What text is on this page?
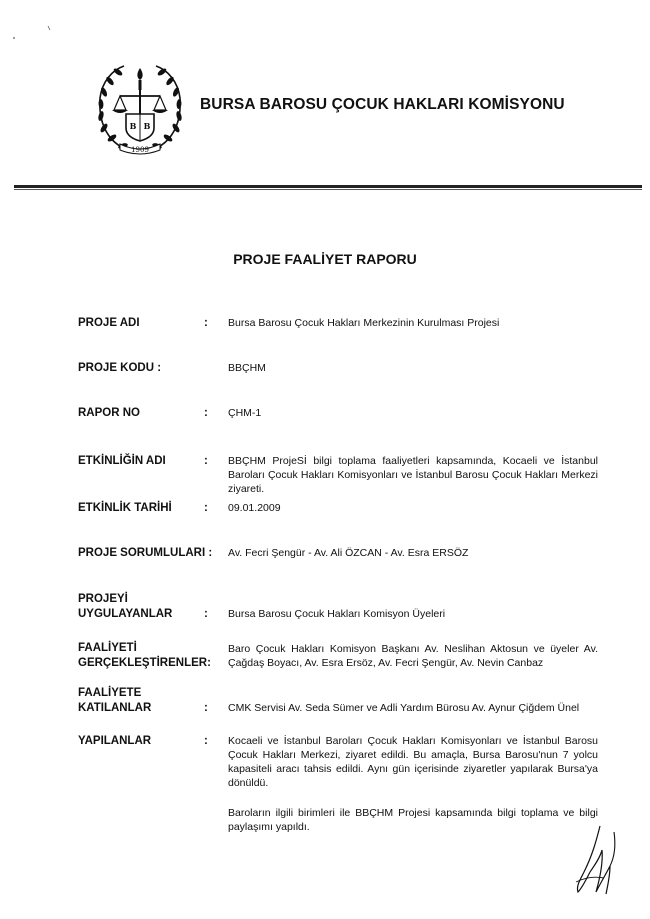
B B
1909
BURSA BAROSU ÇOCUK HAKLARI KOMİSYONU
PROJE FAALİYET RAPORU
PROJE ADI	: Bursa Barosu Çocuk Hakları Merkezinin Kurulması Projesi
PROJE KODU :	BBÇHM
RAPOR NO	: ÇHM-1
ETKİNLİĞİN ADI	: BBÇHM ProjeSİ bilgi toplama faaliyetleri kapsamında, Kocaeli ve İstanbul Baroları Çocuk Hakları Komisyonları ve İstanbul Barosu Çocuk Hakları Merkezi ziyareti.
ETKİNLİK TARİHİ	: 09.01.2009
PROJE SORUMLULARI : Av. Fecri Şengür - Av. Ali ÖZCAN - Av. Esra ERSÖZ
PROJEYİ
UYGULAYANLAR	: Bursa Barosu Çocuk Hakları Komisyon Üyeleri
FAALİYETİ
GERÇEKLEŞTİRENLER:
Baro Çocuk Hakları Komisyon Başkanı Av. Neslihan Aktosun ve üyeler Av. Çağdaş Boyacı, Av. Esra Ersöz, Av. Fecri Şengür, Av. Nevin Canbaz
FAALİYETE
KATILANLAR	: CMK Servisi Av. Seda Sümer ve Adli Yardım Bürosu Av. Aynur Çiğdem Ünel
YAPILANLAR	: Kocaeli ve İstanbul Baroları Çocuk Hakları Komisyonları ve İstanbul Barosu Çocuk Hakları Merkezi, ziyaret edildi. Bu amaçla, Bursa Barosu'nun 7 yolcu kapasiteli aracı tahsis edildi. Aynı gün içerisinde ziyaretler yapılarak Bursa'ya dönüldü.
Baroların ilgili birimleri ile BBÇHM Projesi kapsamında bilgi toplama ve bilgi paylaşımı yapıldı.
